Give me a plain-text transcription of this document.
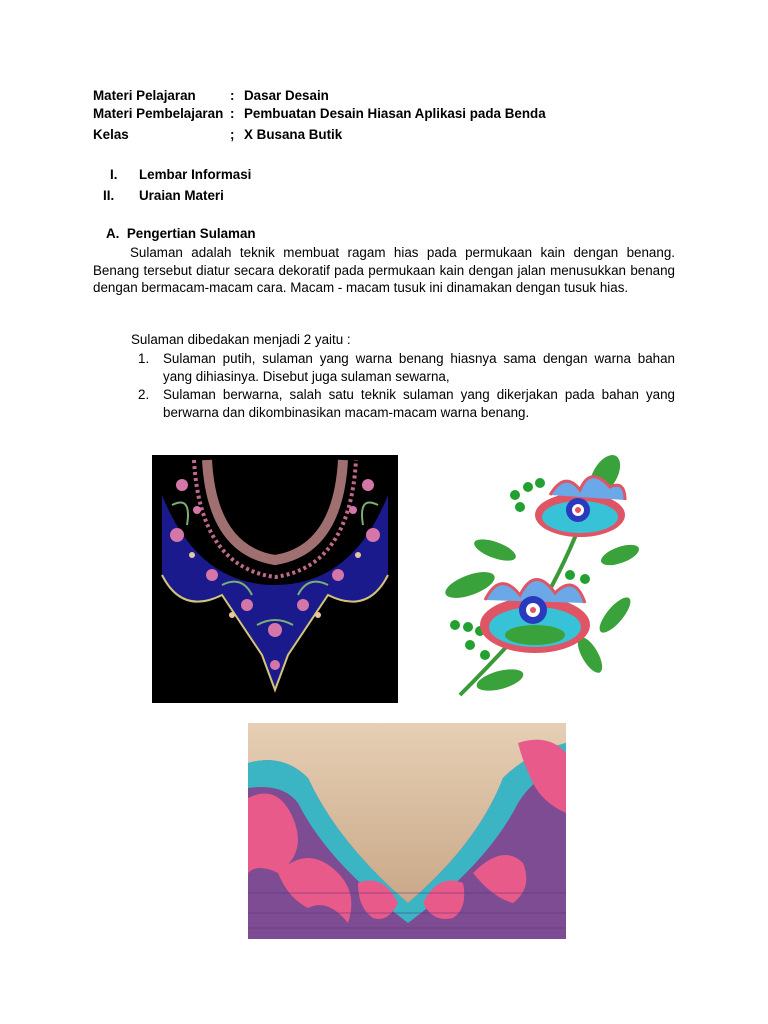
Materi Pelajaran	: Dasar Desain
Materi Pembelajaran : Pembuatan Desain Hiasan Aplikasi pada Benda
Kelas	; X Busana Butik
I. Lembar Informasi
II. Uraian Materi
A. Pengertian Sulaman
Sulaman adalah teknik membuat ragam hias pada permukaan kain dengan benang. Benang tersebut diatur secara dekoratif pada permukaan kain dengan jalan menusukkan benang dengan bermacam-macam cara. Macam - macam tusuk ini dinamakan dengan tusuk hias.
Sulaman dibedakan menjadi 2 yaitu :
1. Sulaman putih, sulaman yang warna benang hiasnya sama dengan warna bahan yang dihiasinya. Disebut juga sulaman sewarna,
2. Sulaman berwarna, salah satu teknik sulaman yang dikerjakan pada bahan yang berwarna dan dikombinasikan macam-macam warna benang.
